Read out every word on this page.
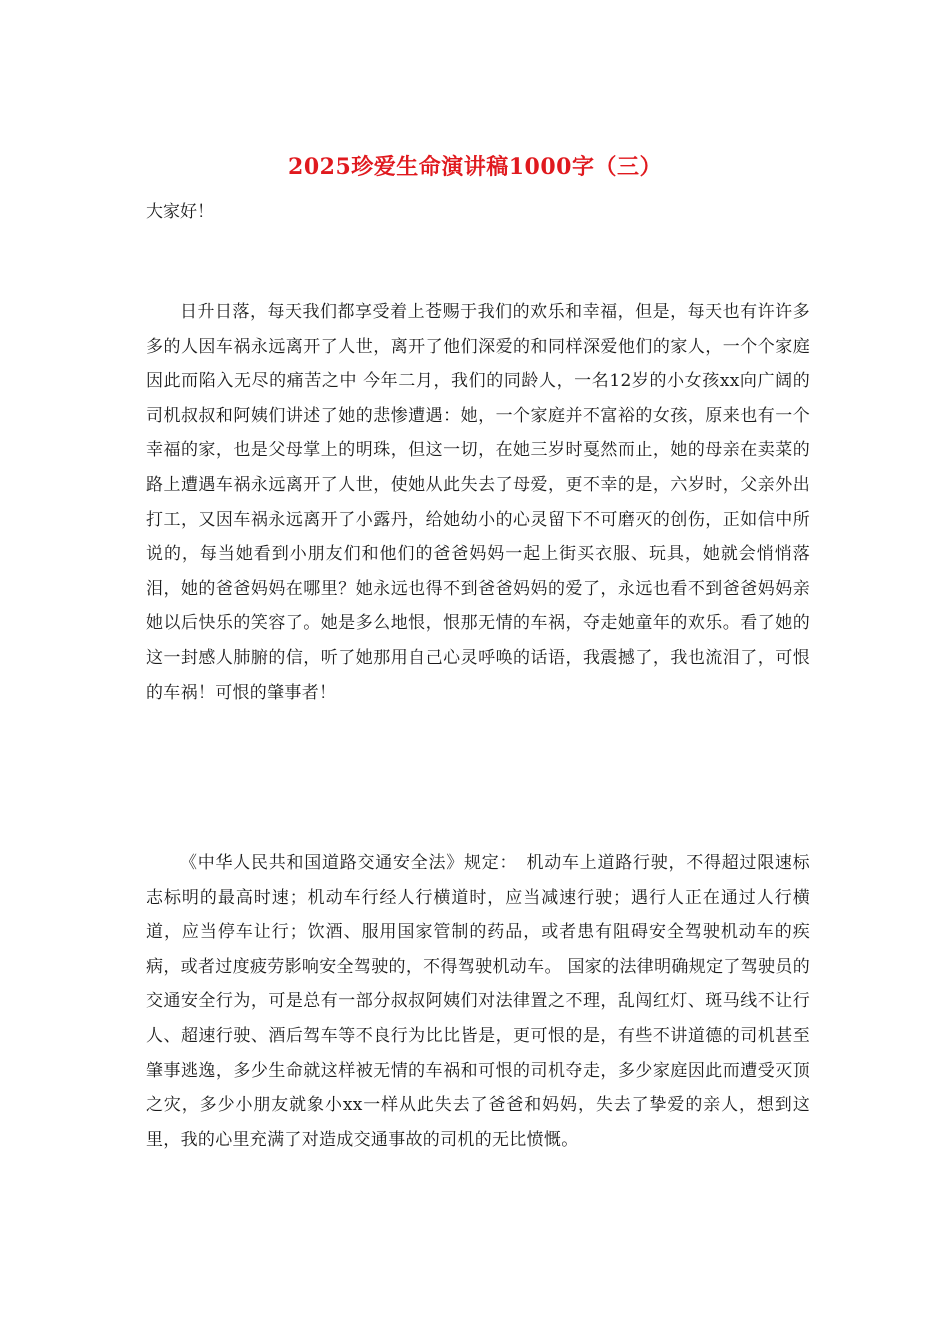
2025珍爱生命演讲稿1000字（三）
大家好！

日升日落，每天我们都享受着上苍赐于我们的欢乐和幸福，但是，每天也有许许多多的人因车祸永远离开了人世，离开了他们深爱的和同样深爱他们的家人，一个个家庭因此而陷入无尽的痛苦之中 今年二月，我们的同龄人，一名12岁的小女孩xx向广阔的司机叔叔和阿姨们讲述了她的悲惨遭遇：她，一个家庭并不富裕的女孩，原来也有一个幸福的家，也是父母掌上的明珠，但这一切，在她三岁时戛然而止，她的母亲在卖菜的路上遭遇车祸永远离开了人世，使她从此失去了母爱，更不幸的是，六岁时，父亲外出打工，又因车祸永远离开了小露丹，给她幼小的心灵留下不可磨灭的创伤，正如信中所说的，每当她看到小朋友们和他们的爸爸妈妈一起上街买衣服、玩具，她就会悄悄落泪，她的爸爸妈妈在哪里？她永远也得不到爸爸妈妈的爱了，永远也看不到爸爸妈妈亲她以后快乐的笑容了。她是多么地恨，恨那无情的车祸，夺走她童年的欢乐。看了她的这一封感人肺腑的信，听了她那用自己心灵呼唤的话语，我震撼了，我也流泪了，可恨的车祸！可恨的肇事者！

《中华人民共和国道路交通安全法》规定：　机动车上道路行驶，不得超过限速标志标明的最高时速；机动车行经人行横道时，应当减速行驶；遇行人正在通过人行横道，应当停车让行；饮酒、服用国家管制的药品，或者患有阻碍安全驾驶机动车的疾病，或者过度疲劳影响安全驾驶的，不得驾驶机动车。 国家的法律明确规定了驾驶员的交通安全行为，可是总有一部分叔叔阿姨们对法律置之不理，乱闯红灯、斑马线不让行人、超速行驶、酒后驾车等不良行为比比皆是，更可恨的是，有些不讲道德的司机甚至肇事逃逸，多少生命就这样被无情的车祸和可恨的司机夺走，多少家庭因此而遭受灭顶之灾，多少小朋友就象小xx一样从此失去了爸爸和妈妈，失去了挚爱的亲人，想到这里，我的心里充满了对造成交通事故的司机的无比愤慨。
